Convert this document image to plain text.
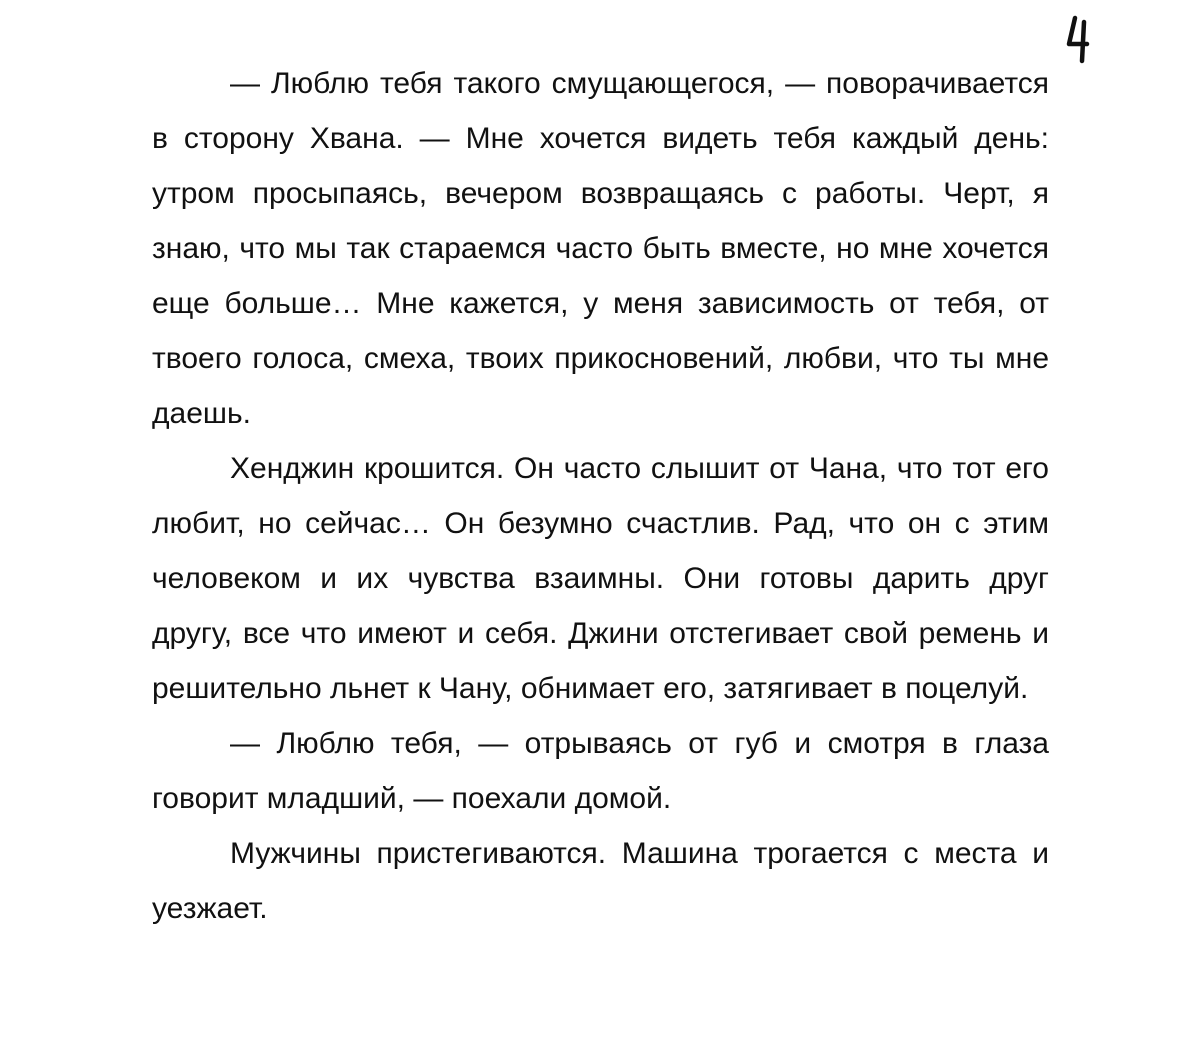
— Люблю тебя такого смущающегося, — поворачивается в сторону Хвана. — Мне хочется видеть тебя каждый день: утром просыпаясь, вечером возвращаясь с работы. Черт, я знаю, что мы так стараемся часто быть вместе, но мне хочется еще больше… Мне кажется, у меня зависимость от тебя, от твоего голоса, смеха, твоих прикосновений, любви, что ты мне даешь.

Хенджин крошится. Он часто слышит от Чана, что тот его любит, но сейчас… Он безумно счастлив. Рад, что он с этим человеком и их чувства взаимны. Они готовы дарить друг другу, все что имеют и себя. Джини отстегивает свой ремень и решительно льнет к Чану, обнимает его, затягивает в поцелуй.

— Люблю тебя, — отрываясь от губ и смотря в глаза говорит младший, — поехали домой.

Мужчины пристегиваются. Машина трогается с места и уезжает.
